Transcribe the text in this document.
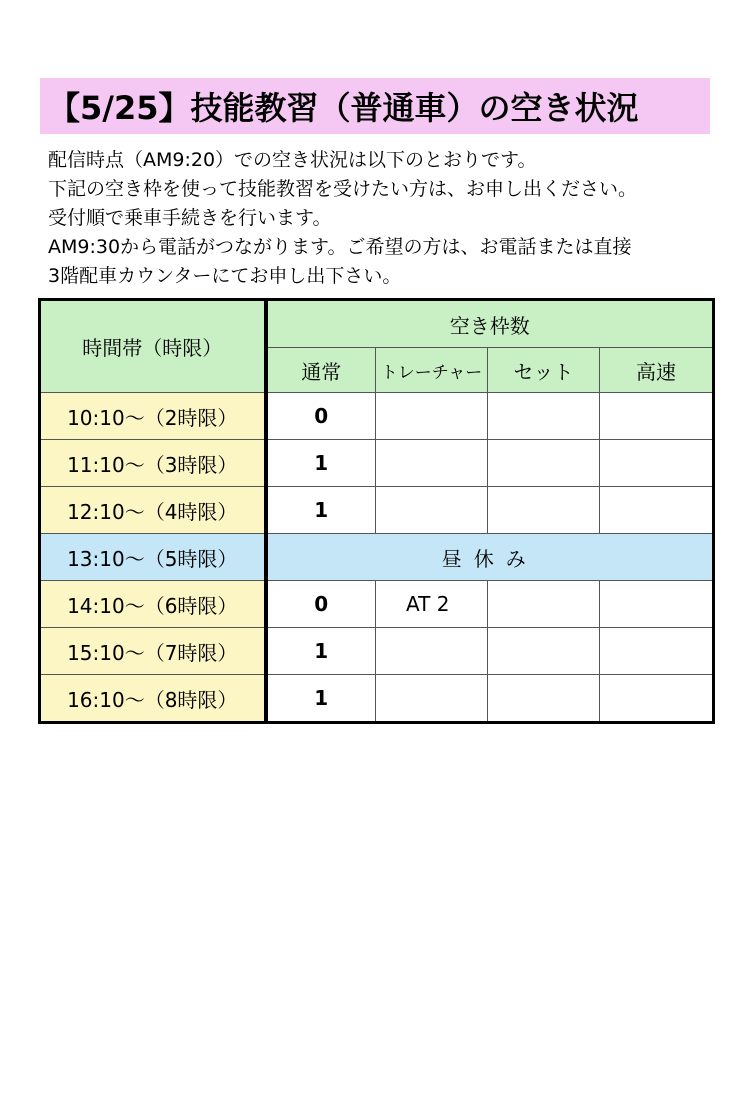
【5/25】技能教習（普通車）の空き状況
配信時点（AM9:20）での空き状況は以下のとおりです。
下記の空き枠を使って技能教習を受けたい方は、お申し出ください。
受付順で乗車手続きを行います。
AM9:30から電話がつながります。ご希望の方は、お電話または直接
3階配車カウンターにてお申し出下さい。
時間帯（時限）	空き枠数			
	通常	トレーチャー	セット	高速
10:10～（2時限）	0			
11:10～（3時限）	1			
12:10～（4時限）	1			
13:10～（5時限）	昼休み			
14:10～（6時限）	0	AT 2		
15:10～（7時限）	1			
16:10～（8時限）	1			
